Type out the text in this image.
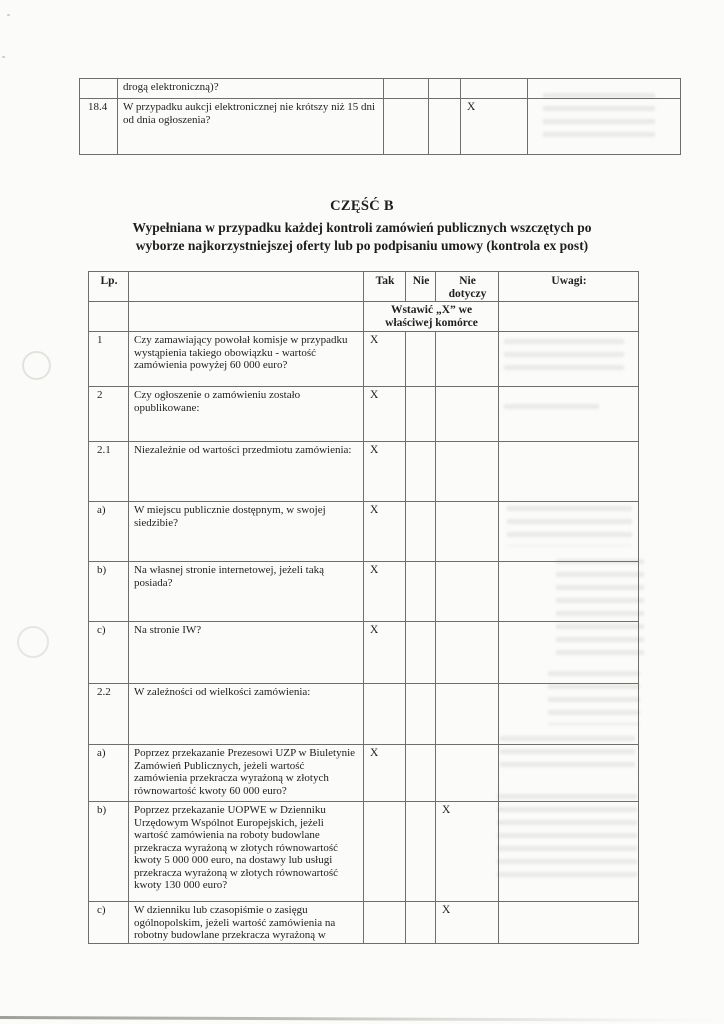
	drogą elektroniczną)?				
18.4	W przypadku aukcji elektronicznej nie krótszy niż 15 dni od dnia ogłoszenia?			X	
CZĘŚĆ B
Wypełniana w przypadku każdej kontroli zamówień publicznych wszczętych po
wyborze najkorzystniejszej oferty lub po podpisaniu umowy (kontrola ex post)
Lp.		Tak	Nie	Nie dotyczy	Uwagi:
		Wstawić „X” we właściwej komórce			
1	Czy zamawiający powołał komisje w przypadku wystąpienia takiego obowiązku - wartość zamówienia powyżej 60 000 euro?	X			
2	Czy ogłoszenie o zamówieniu zostało opublikowane:	X			
2.1	Niezależnie od wartości przedmiotu zamówienia:	X			
a)	W miejscu publicznie dostępnym, w swojej siedzibie?	X			
b)	Na własnej stronie internetowej, jeżeli taką posiada?	X			
c)	Na stronie IW?	X			
2.2	W zależności od wielkości zamówienia:				
a)	Poprzez przekazanie Prezesowi UZP w Biuletynie Zamówień Publicznych, jeżeli wartość zamówienia przekracza wyrażoną w złotych równowartość kwoty 60 000 euro?	X			
b)	Poprzez przekazanie UOPWE w Dzienniku Urzędowym Wspólnot Europejskich, jeżeli wartość zamówienia na roboty budowlane przekracza wyrażoną w złotych równowartość kwoty 5 000 000 euro, na dostawy lub usługi przekracza wyrażoną w złotych równowartość kwoty 130 000 euro?			X	
c)	W dzienniku lub czasopiśmie o zasięgu ogólnopolskim, jeżeli wartość zamówienia na robotny budowlane przekracza wyrażoną w			X	
